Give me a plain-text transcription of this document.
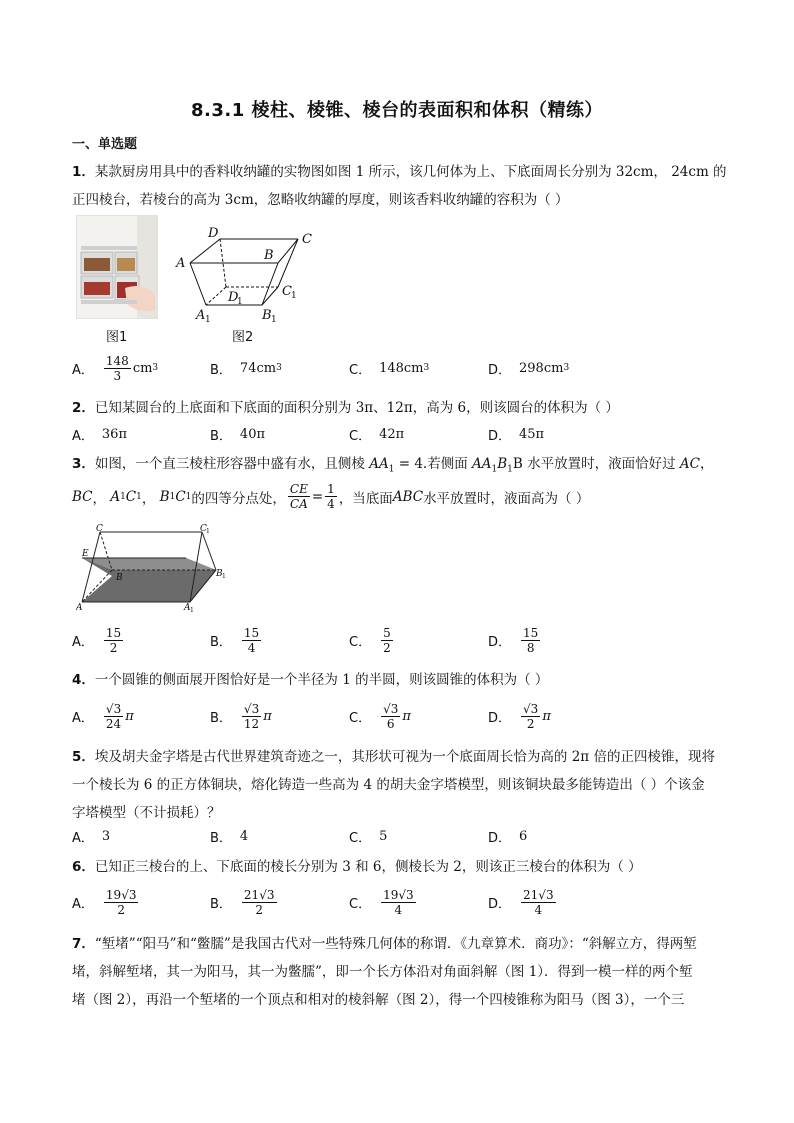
8.3.1 棱柱、棱锥、棱台的表面积和体积（精练）
一、单选题
1．某款厨房用具中的香料收纳罐的实物图如图 1 所示，该几何体为上、下底面周长分别为 32cm， 24cm 的
正四棱台，若棱台的高为 3cm，忽略收纳罐的厚度，则该香料收纳罐的容积为（ ）
图1
D	C
A
B
D	C
A	B
1
1
1	1
图2
A． $\frac{148}{3}$ cm 3	B． 74cm 3	C． 148cm 3	D． 298cm 3
2．已知某圆台的上底面和下底面的面积分别为 3π、12π，高为 6，则该圆台的体积为（ ）
A． 36π	B． 40π	C． 42π	D． 45π
3．如图，一个直三棱柱形容器中盛有水，且侧棱 $AA_1 = 4$.若侧面 $AA_1B_1B$ 水平放置时，液面恰好过 AC，
BC ，
A 1 C 1 ，
B 1 C 1 的四等分点处， $\frac{CE}{CA} = \frac{1}{4}$ ，当底面 ABC 水平放置时，液面高为（ ）
C	C
E
B	B
A	A
1
1
1
A． $\frac{15}{2}$	B． $\frac{15}{4}$	C． $\frac{5}{2}$	D． $\frac{15}{8}$
4．一个圆锥的侧面展开图恰好是一个半径为 1 的半圆，则该圆锥的体积为（ ）
A． $\frac{√3}{24}$ π	B． $\frac{√3}{12}$ π	C． $\frac{√3}{6}$ π	D． $\frac{√3}{2}$ π
5．埃及胡夫金字塔是古代世界建筑奇迹之一，其形状可视为一个底面周长恰为高的 2π 倍的正四棱锥，现将
一个棱长为 6 的正方体铜块，熔化铸造一些高为 4 的胡夫金字塔模型，则该铜块最多能铸造出（ ）个该金
字塔模型（不计损耗）？
A． 3	B． 4	C． 5	D． 6
6．已知正三棱台的上、下底面的棱长分别为 3 和 6，侧棱长为 2，则该正三棱台的体积为（ ）
A． $\frac{19√3}{2}$	B． $\frac{21√3}{2}$	C． $\frac{19√3}{4}$	D． $\frac{21√3}{4}$
7．“堑堵”“阳马”和“鳖臑”是我国古代对一些特殊几何体的称谓．《九章算术．商功》：“斜解立方，得两堑
堵，斜解堑堵，其一为阳马，其一为鳖臑”，即一个长方体沿对角面斜解（图 1）．得到一模一样的两个堑
堵（图 2），再沿一个堑堵的一个顶点和相对的棱斜解（图 2），得一个四棱锥称为阳马（图 3），一个三
